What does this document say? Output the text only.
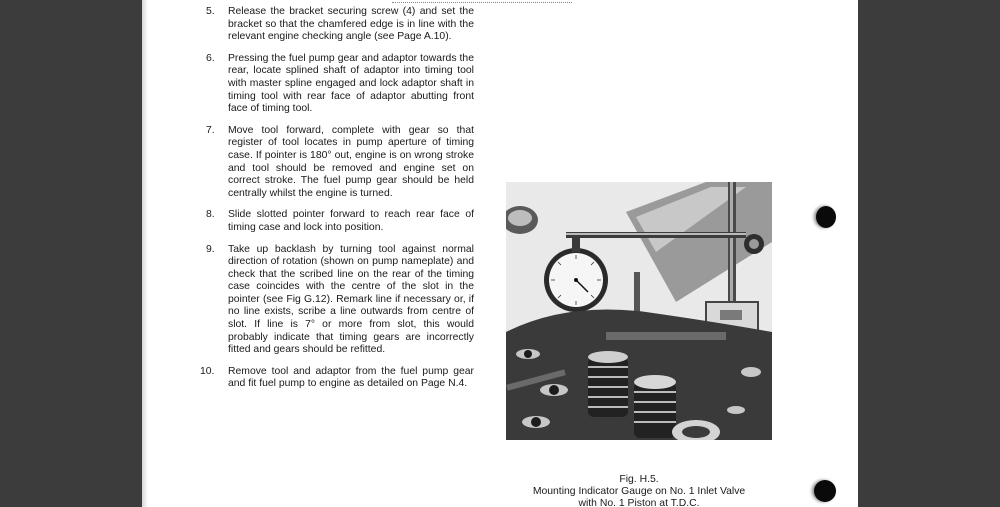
5.	Release the bracket securing screw (4) and set the bracket so that the chamfered edge is in line with the relevant engine checking angle (see Page A.10).
6.	Pressing the fuel pump gear and adaptor towards the rear, locate splined shaft of adaptor into timing tool with master spline engaged and lock adaptor shaft in timing tool with rear face of adaptor abutting front face of timing tool.
7.	Move tool forward, complete with gear so that register of tool locates in pump aperture of timing case. If pointer is 180° out, engine is on wrong stroke and tool should be removed and engine set on correct stroke. The fuel pump gear should be held centrally whilst the engine is turned.
8.	Slide slotted pointer forward to reach rear face of timing case and lock into position.
9.	Take up backlash by turning tool against normal direction of rotation (shown on pump nameplate) and check that the scribed line on the rear of the timing case coincides with the centre of the slot in the pointer (see Fig G.12). Remark line if necessary or, if no line exists, scribe a line outwards from centre of slot. If line is 7° or more from slot, this would probably indicate that timing gears are incorrectly fitted and gears should be refitted.
10.	Remove tool and adaptor from the fuel pump gear and fit fuel pump to engine as detailed on Page N.4.
Fig. H.5.
Mounting Indicator Gauge on No. 1 Inlet Valve
with No. 1 Piston at T.D.C.
